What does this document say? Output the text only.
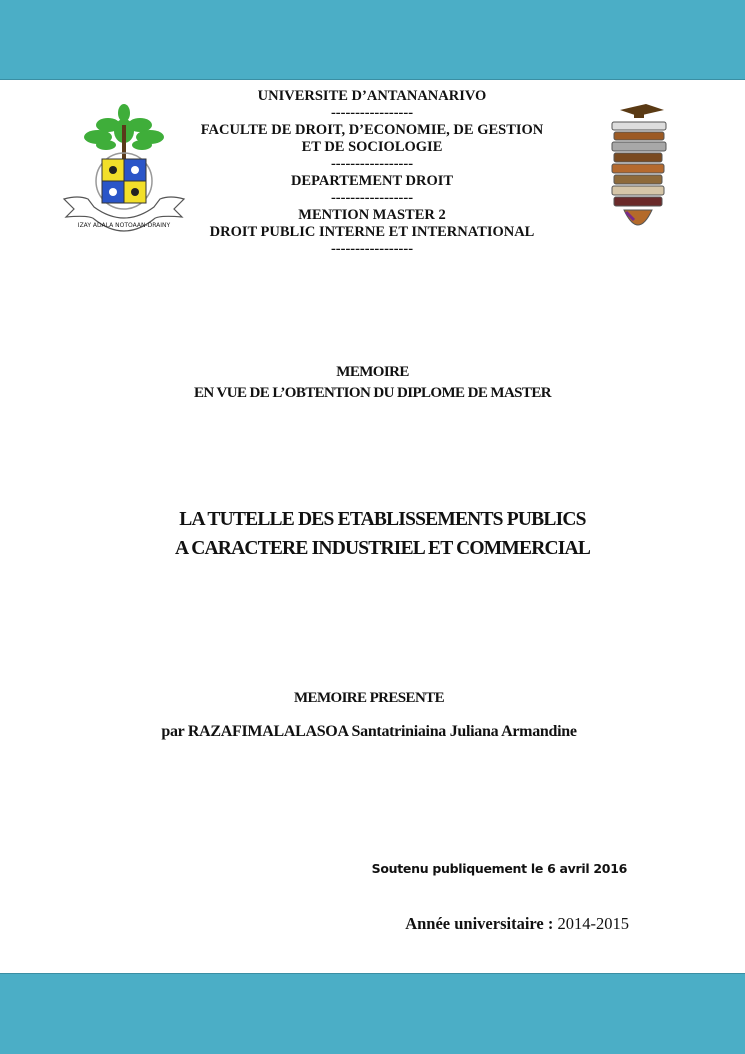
IZAY ADALA NOTOAAN-DRAINY
UNIVERSITE D’ANTANANARIVO
-----------------
FACULTE DE DROIT, D’ECONOMIE, DE GESTION
ET DE SOCIOLOGIE
-----------------
DEPARTEMENT DROIT
-----------------
MENTION MASTER 2
DROIT PUBLIC INTERNE ET INTERNATIONAL
-----------------
MEMOIRE
EN VUE DE L’OBTENTION DU DIPLOME DE MASTER
LA TUTELLE DES ETABLISSEMENTS PUBLICS
A CARACTERE INDUSTRIEL ET COMMERCIAL
MEMOIRE PRESENTE
par RAZAFIMALALASOA Santatriniaina Juliana Armandine
Soutenu publiquement le 6 avril 2016
Année universitaire : 2014-2015
